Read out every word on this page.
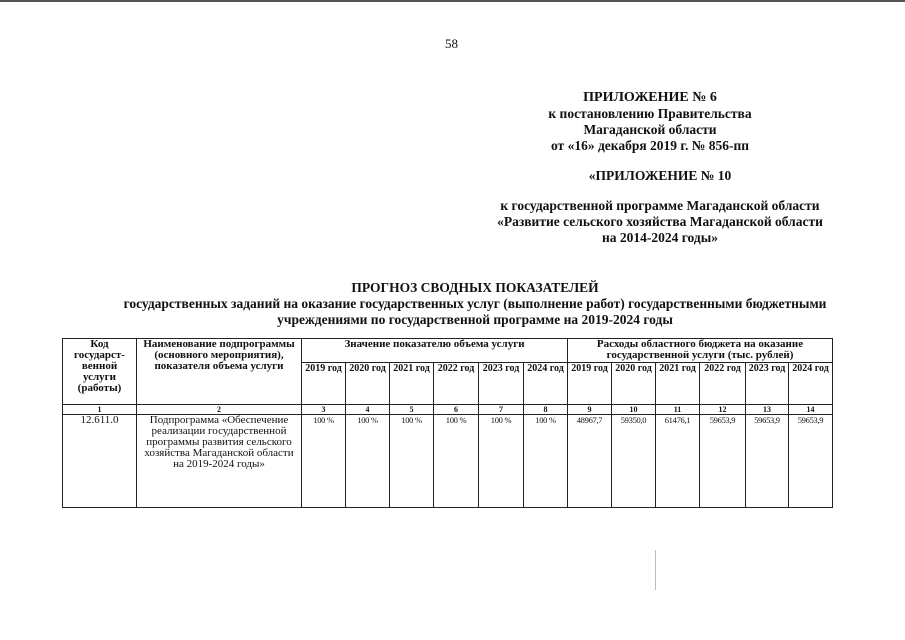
58
ПРИЛОЖЕНИЕ № 6
к постановлению Правительства
Магаданской области
от «16» декабря 2019 г. № 856-пп
«ПРИЛОЖЕНИЕ № 10
к государственной программе Магаданской области
«Развитие сельского хозяйства Магаданской области
на 2014-2024 годы»
ПРОГНОЗ СВОДНЫХ ПОКАЗАТЕЛЕЙ
государственных заданий на оказание государственных услуг (выполнение работ) государственными бюджетными
учреждениями по государственной программе на 2019-2024 годы
Код государст-венной услуги (работы)	Наименование подпрограммы (основного мероприятия), показателя объема услуги	Значение показателю объема услуги						Расходы областного бюджета на оказание государственной услуги (тыс. рублей)					
		2019 год	2020 год	2021 год	2022 год	2023 год	2024 год	2019 год	2020 год	2021 год	2022 год	2023 год	2024 год
1	2	3	4	5	6	7	8	9	10	11	12	13	14
12.611.0	Подпрограмма «Обеспечение реализации государственной программы развития сельского хозяйства Магаданской области на 2019-2024 годы»	100 %	100 %	100 %	100 %	100 %	100 %	48967,7	59350,0	61476,1	59653,9	59653,9	59653,9
